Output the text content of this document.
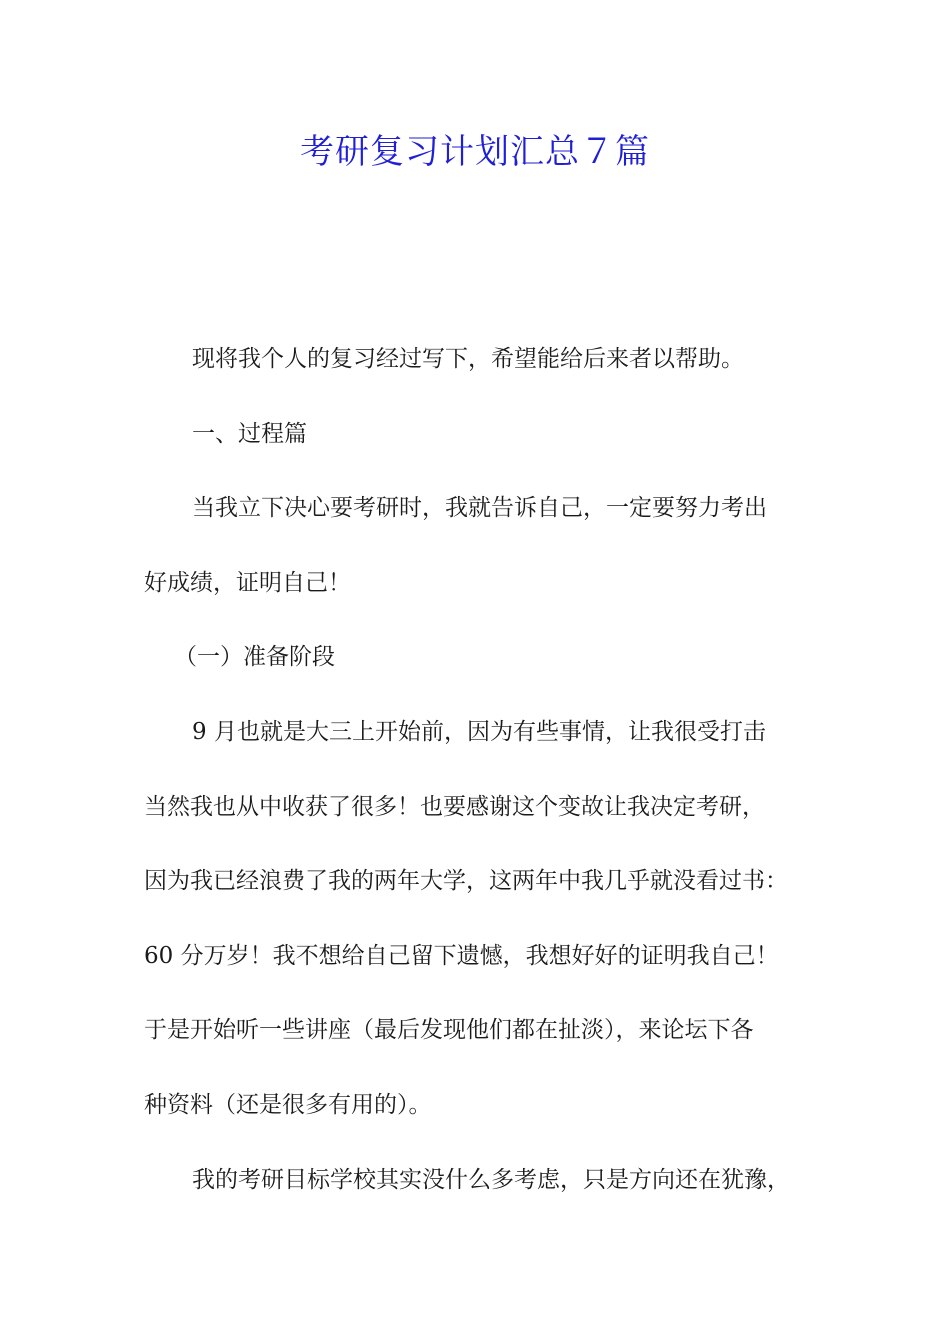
考研复习计划汇总７篇

现将我个人的复习经过写下，希望能给后来者以帮助。

一、过程篇

当我立下决心要考研时，我就告诉自己，一定要努力考出

好成绩，证明自己！

（一）准备阶段

9 月也就是大三上开始前，因为有些事情，让我很受打击

当然我也从中收获了很多！也要感谢这个变故让我决定考研，

因为我已经浪费了我的两年大学，这两年中我几乎就没看过书：

60 分万岁！我不想给自己留下遗憾，我想好好的证明我自己！

于是开始听一些讲座（最后发现他们都在扯淡），来论坛下各

种资料（还是很多有用的）。

我的考研目标学校其实没什么多考虑，只是方向还在犹豫，
